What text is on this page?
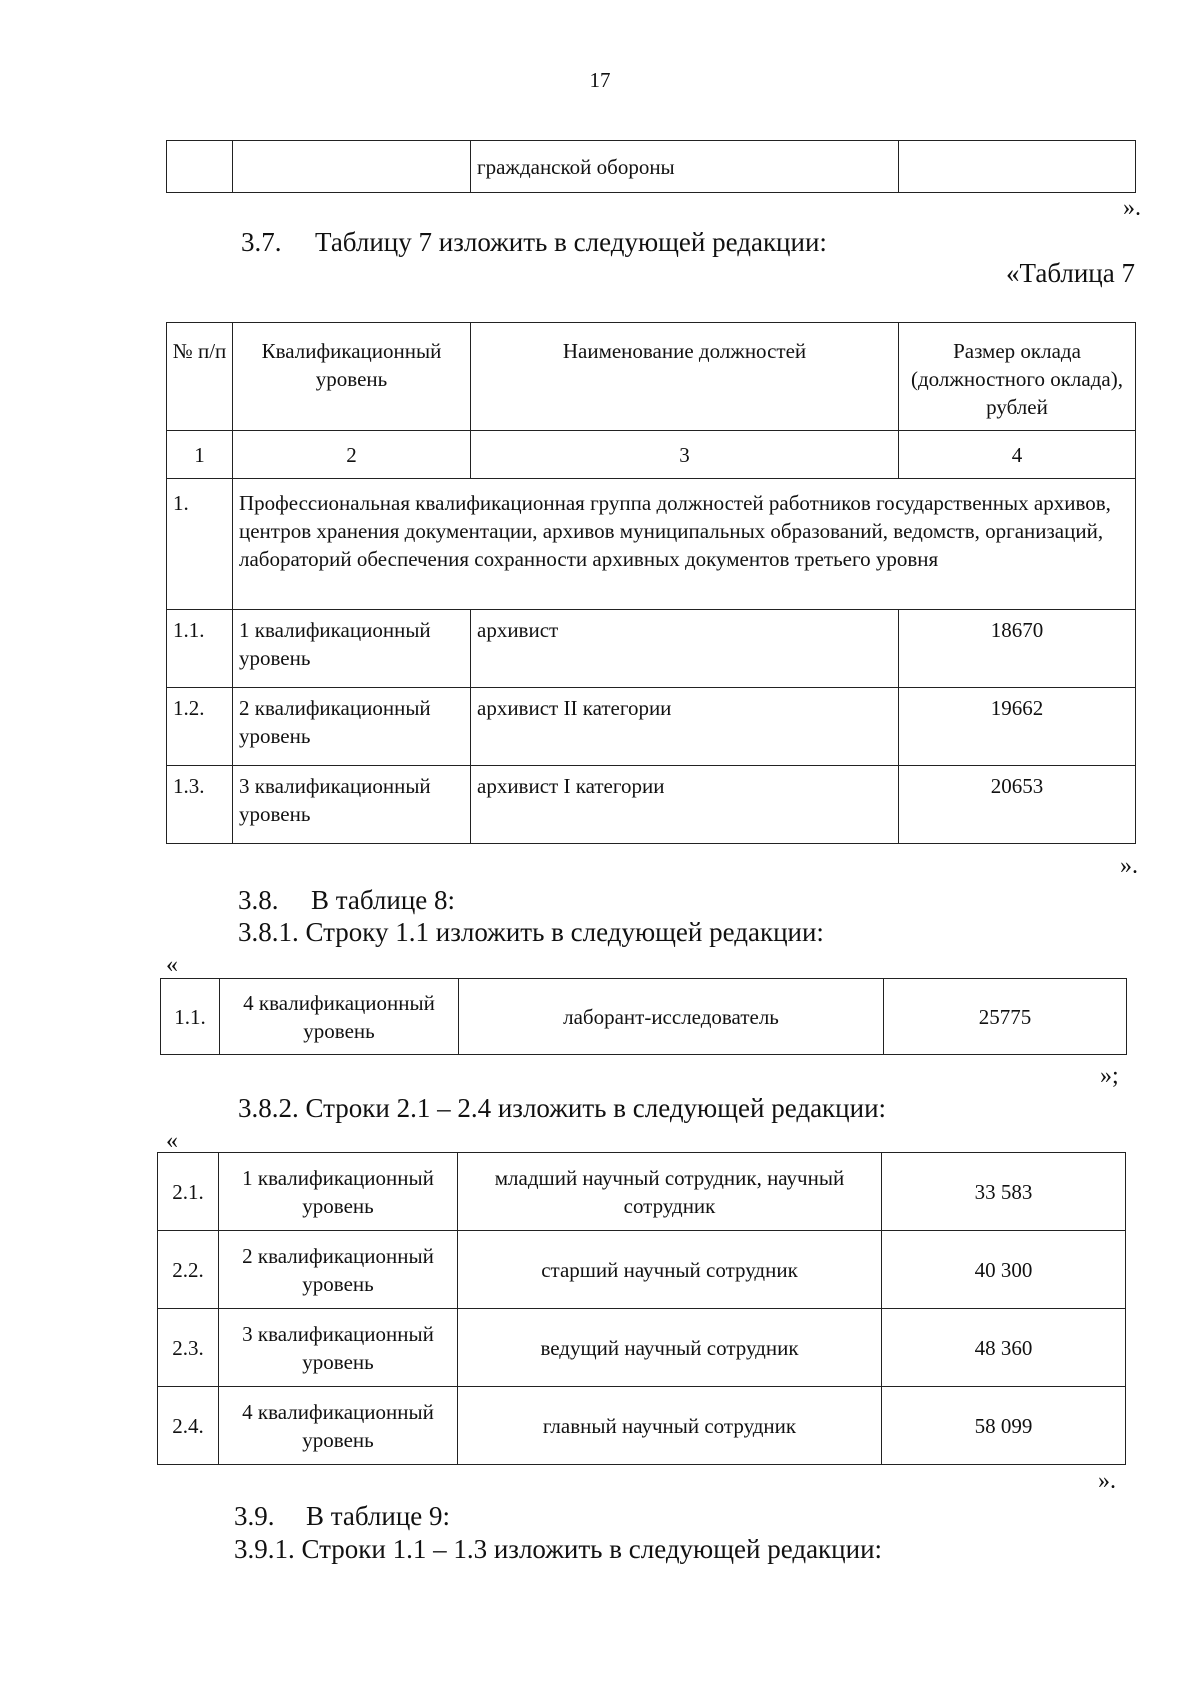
17
		гражданской обороны	
».
3.7. Таблицу 7 изложить в следующей редакции:
«Таблица 7
№ п/п	Квалификационный уровень	Наименование должностей	Размер оклада (должностного оклада), рублей
1	2	3	4
1.	Профессиональная квалификационная группа должностей работников государственных архивов, центров хранения документации, архивов муниципальных образований, ведомств, организаций, лабораторий обеспечения сохранности архивных документов третьего уровня		
1.1.	1 квалификационный уровень	архивист	18670
1.2.	2 квалификационный уровень	архивист II категории	19662
1.3.	3 квалификационный уровень	архивист I категории	20653
».
3.8. В таблице 8:
3.8.1. Строку 1.1 изложить в следующей редакции:
«
1.1.	4 квалификационный уровень	лаборант-исследователь	25775
»;
3.8.2. Строки 2.1 – 2.4 изложить в следующей редакции:
«
2.1.	1 квалификационный уровень	младший научный сотрудник, научный сотрудник	33 583
2.2.	2 квалификационный уровень	старший научный сотрудник	40 300
2.3.	3 квалификационный уровень	ведущий научный сотрудник	48 360
2.4.	4 квалификационный уровень	главный научный сотрудник	58 099
».
3.9. В таблице 9:
3.9.1. Строки 1.1 – 1.3 изложить в следующей редакции:
